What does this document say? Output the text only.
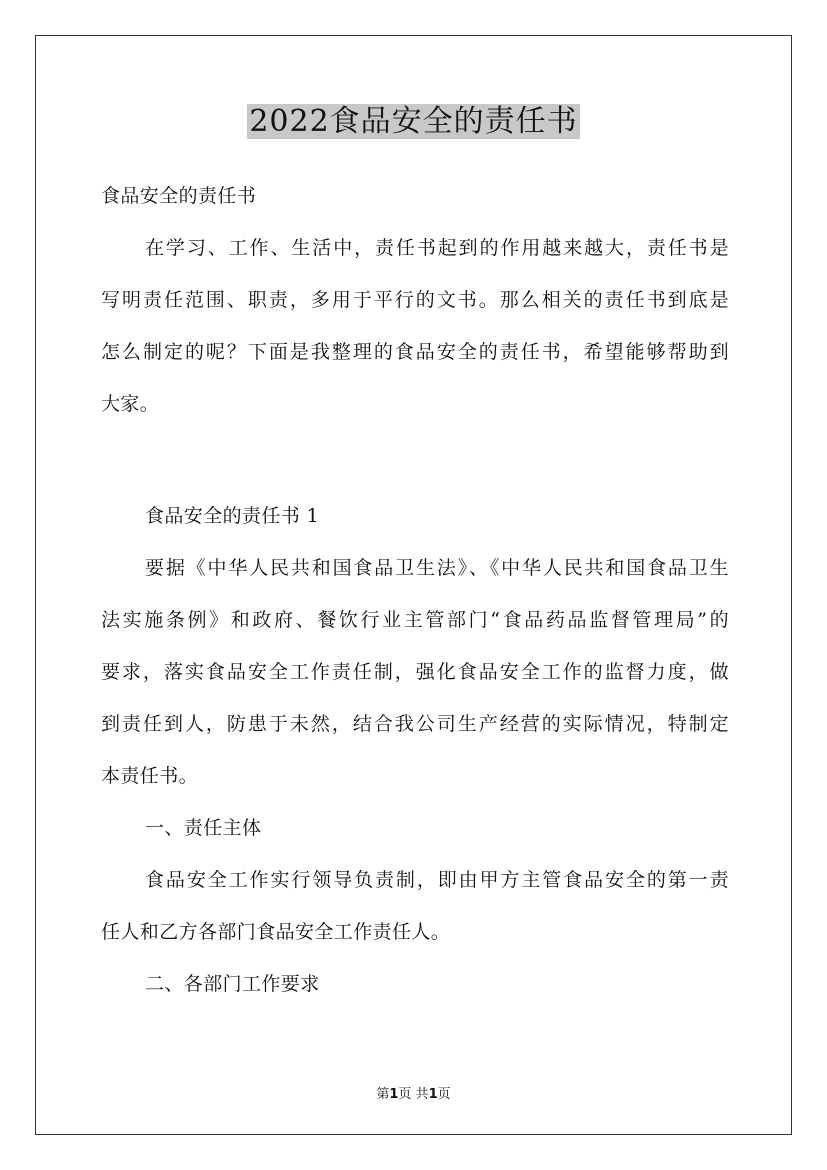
2022食品安全的责任书
食品安全的责任书
在学习、工作、生活中，责任书起到的作用越来越大，责任书是
写明责任范围、职责，多用于平行的文书。那么相关的责任书到底是
怎么制定的呢？下面是我整理的食品安全的责任书，希望能够帮助到
大家。
食品安全的责任书 1
要据《中华人民共和国食品卫生法》、《中华人民共和国食品卫生
法实施条例》和政府、餐饮行业主管部门“食品药品监督管理局”的
要求，落实食品安全工作责任制，强化食品安全工作的监督力度，做
到责任到人，防患于未然，结合我公司生产经营的实际情况，特制定
本责任书。
一、责任主体
食品安全工作实行领导负责制，即由甲方主管食品安全的第一责
任人和乙方各部门食品安全工作责任人。
二、各部门工作要求
第1页 共1页
